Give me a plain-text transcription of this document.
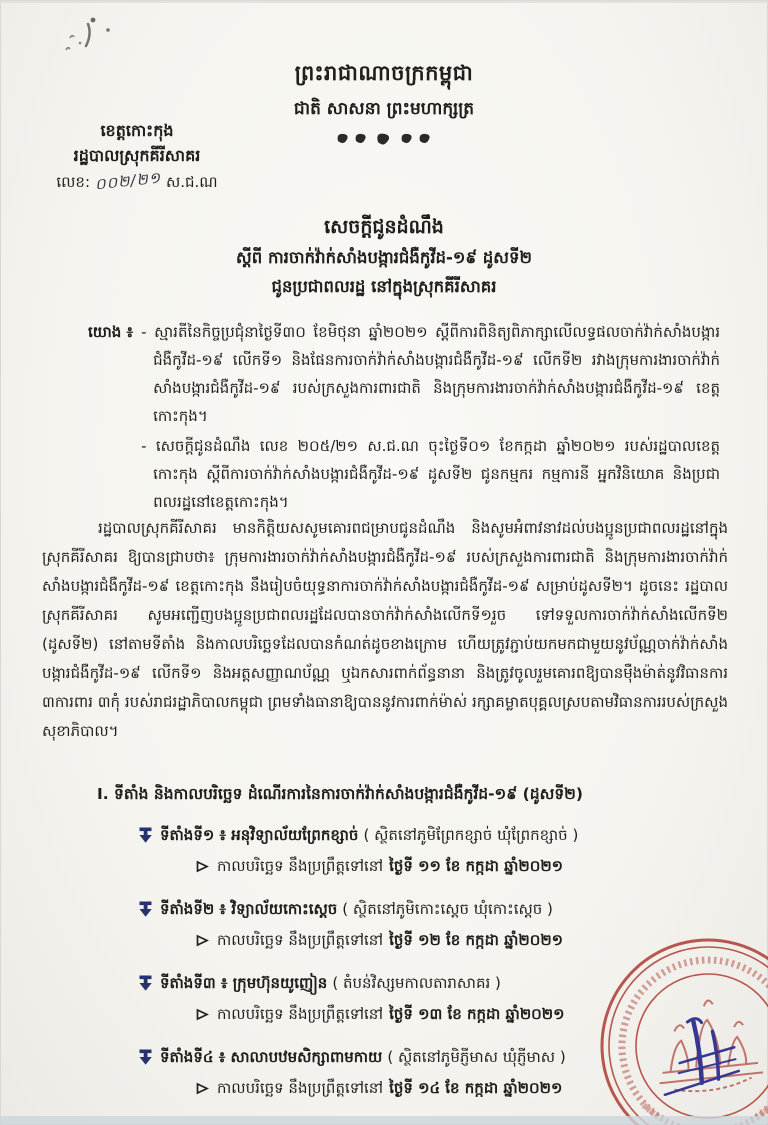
ព្រះរាជាណាចក្រកម្ពុជា
ជាតិ សាសនា ព្រះមហាក្សត្រ
ខេត្តកោះកុង
រដ្ឋបាលស្រុកគីរីសាគរ
លេខ: ០០២/២១ ស.ជ.ណ
សេចក្តីជូនដំណឹង
ស្តីពី ការចាក់វ៉ាក់សាំងបង្ការជំងឺកូវីដ-១៩ ដូសទី២
ជូនប្រជាពលរដ្ឋ នៅក្នុងស្រុកគីរីសាគរ
យោង ៖ - ស្មារតីនៃកិច្ចប្រជុំនាថ្ងៃទី៣០ ខែមិថុនា ឆ្នាំ២០២១ ស្តីពីការពិនិត្យពិភាក្សាលើលទ្ធផលចាក់វ៉ាក់សាំងបង្ការជំងឺកូវីដ-១៩ លើកទី១ និងផែនការចាក់វ៉ាក់សាំងបង្ការជំងឺកូវីដ-១៩ លើកទី២ រវាងក្រុមការងារចាក់វ៉ាក់សាំងបង្ការជំងឺកូវីដ-១៩ របស់ក្រសួងការពារជាតិ និងក្រុមការងារចាក់វ៉ាក់សាំងបង្ការជំងឺកូវីដ-១៩ ខេត្តកោះកុង។
- សេចក្តីជូនដំណឹង លេខ ២០៥/២១ ស.ជ.ណ ចុះថ្ងៃទី០១ ខែកក្កដា ឆ្នាំ២០២១ របស់រដ្ឋបាលខេត្តកោះកុង ស្តីពីការចាក់វ៉ាក់សាំងបង្ការជំងឺកូវីដ-១៩ ដូសទី២ ជូនកម្មករ កម្មការនី អ្នកវិនិយោគ និងប្រជាពលរដ្ឋនៅខេត្តកោះកុង។

រដ្ឋបាលស្រុកគីរីសាគរ មានកិត្តិយសសូមគោរពជម្រាបជូនដំណឹង និងសូមអំពាវនាវដល់បងប្អូនប្រជាពលរដ្ឋនៅក្នុងស្រុកគីរីសាគរ ឱ្យបានជ្រាបថា៖ ក្រុមការងារចាក់វ៉ាក់សាំងបង្ការជំងឺកូវីដ-១៩ របស់ក្រសួងការពារជាតិ និងក្រុមការងារចាក់វ៉ាក់សាំងបង្ការជំងឺកូវីដ-១៩ ខេត្តកោះកុង នឹងរៀបចំយុទ្ធនាការចាក់វ៉ាក់សាំងបង្ការជំងឺកូវីដ-១៩ សម្រាប់ដូសទី២។ ដូចនេះ រដ្ឋបាលស្រុកគីរីសាគរ សូមអញ្ជើញបងប្អូនប្រជាពលរដ្ឋដែលបានចាក់វ៉ាក់សាំងលើកទី១រួច ទៅទទួលការចាក់វ៉ាក់សាំងលើកទី២ (ដូសទី២) នៅតាមទីតាំង និងកាលបរិច្ឆេទដែលបានកំណត់ដូចខាងក្រោម ហើយត្រូវភ្ជាប់យកមកជាមួយនូវប័ណ្ណចាក់វ៉ាក់សាំងបង្ការជំងឺកូវីដ-១៩ លើកទី១ និងអត្តសញ្ញាណប័ណ្ណ ឬឯកសារពាក់ព័ន្ធនានា និងត្រូវចូលរួមគោរពឱ្យបានម៉ឺងម៉ាត់នូវវិធានការ ៣ការពារ ៣កុំ របស់រាជរដ្ឋាភិបាលកម្ពុជា ព្រមទាំងធានាឱ្យបាននូវការពាក់ម៉ាស់ រក្សាគម្លាតបុគ្គលស្របតាមវិធានការរបស់ក្រសួងសុខាភិបាល។

I. ទីតាំង និងកាលបរិច្ឆេទ ដំណើរការនៃការចាក់វ៉ាក់សាំងបង្ការជំងឺកូវីដ-១៩ (ដូសទី២)
ទីតាំងទី១ ៖ អនុវិទ្យាល័យព្រែកខ្សាច់ ( ស្ថិតនៅភូមិព្រែកខ្សាច់ ឃុំព្រែកខ្សាច់ )
កាលបរិច្ឆេទ នឹងប្រព្រឹត្តទៅនៅ ថ្ងៃទី ១១ ខែ កក្កដា ឆ្នាំ២០២១
ទីតាំងទី២ ៖ វិទ្យាល័យកោះស្ដេច ( ស្ថិតនៅភូមិកោះស្ដេច ឃុំកោះស្ដេច )
កាលបរិច្ឆេទ នឹងប្រព្រឹត្តទៅនៅ ថ្ងៃទី ១២ ខែ កក្កដា ឆ្នាំ២០២១
ទីតាំងទី៣ ៖ ក្រុមហ៊ុនយូញៀន ( តំបន់វិស្សមកាលតារាសាគរ )
កាលបរិច្ឆេទ នឹងប្រព្រឹត្តទៅនៅ ថ្ងៃទី ១៣ ខែ កក្កដា ឆ្នាំ២០២១
ទីតាំងទី៤ ៖ សាលាបឋមសិក្សាពាមកាយ ( ស្ថិតនៅភូមិភ្ញីមាស ឃុំភ្ញីមាស )
កាលបរិច្ឆេទ នឹងប្រព្រឹត្តទៅនៅ ថ្ងៃទី ១៤ ខែ កក្កដា ឆ្នាំ២០២១
